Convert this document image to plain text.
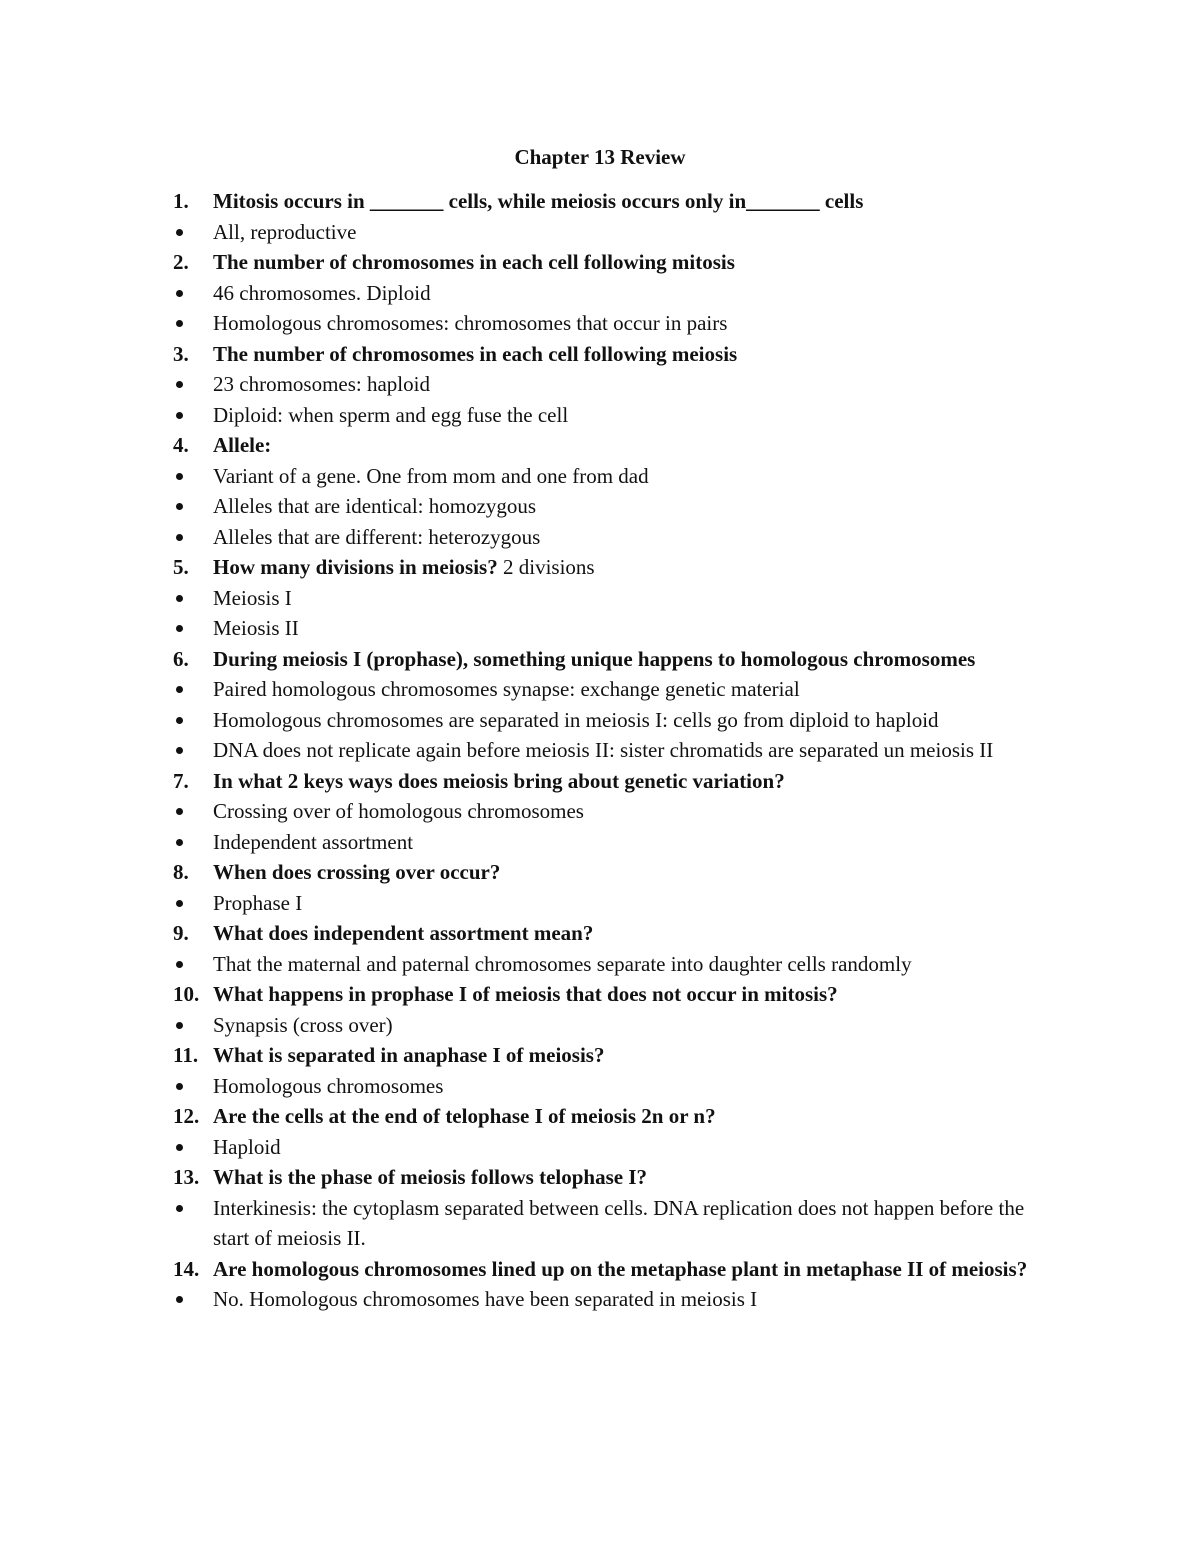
Chapter 13 Review
1. Mitosis occurs in _______ cells, while meiosis occurs only in_______ cells
All, reproductive
2. The number of chromosomes in each cell following mitosis
46 chromosomes. Diploid
Homologous chromosomes: chromosomes that occur in pairs
3. The number of chromosomes in each cell following meiosis
23 chromosomes: haploid
Diploid: when sperm and egg fuse the cell
4. Allele:
Variant of a gene. One from mom and one from dad
Alleles that are identical: homozygous
Alleles that are different: heterozygous
5. How many divisions in meiosis? 2 divisions
Meiosis I
Meiosis II
6. During meiosis I (prophase), something unique happens to homologous chromosomes
Paired homologous chromosomes synapse: exchange genetic material
Homologous chromosomes are separated in meiosis I: cells go from diploid to haploid
DNA does not replicate again before meiosis II: sister chromatids are separated un meiosis II
7. In what 2 keys ways does meiosis bring about genetic variation?
Crossing over of homologous chromosomes
Independent assortment
8. When does crossing over occur?
Prophase I
9. What does independent assortment mean?
That the maternal and paternal chromosomes separate into daughter cells randomly
10. What happens in prophase I of meiosis that does not occur in mitosis?
Synapsis (cross over)
11. What is separated in anaphase I of meiosis?
Homologous chromosomes
12. Are the cells at the end of telophase I of meiosis 2n or n?
Haploid
13. What is the phase of meiosis follows telophase I?
Interkinesis: the cytoplasm separated between cells. DNA replication does not happen before the start of meiosis II.
14. Are homologous chromosomes lined up on the metaphase plant in metaphase II of meiosis?
No. Homologous chromosomes have been separated in meiosis I
